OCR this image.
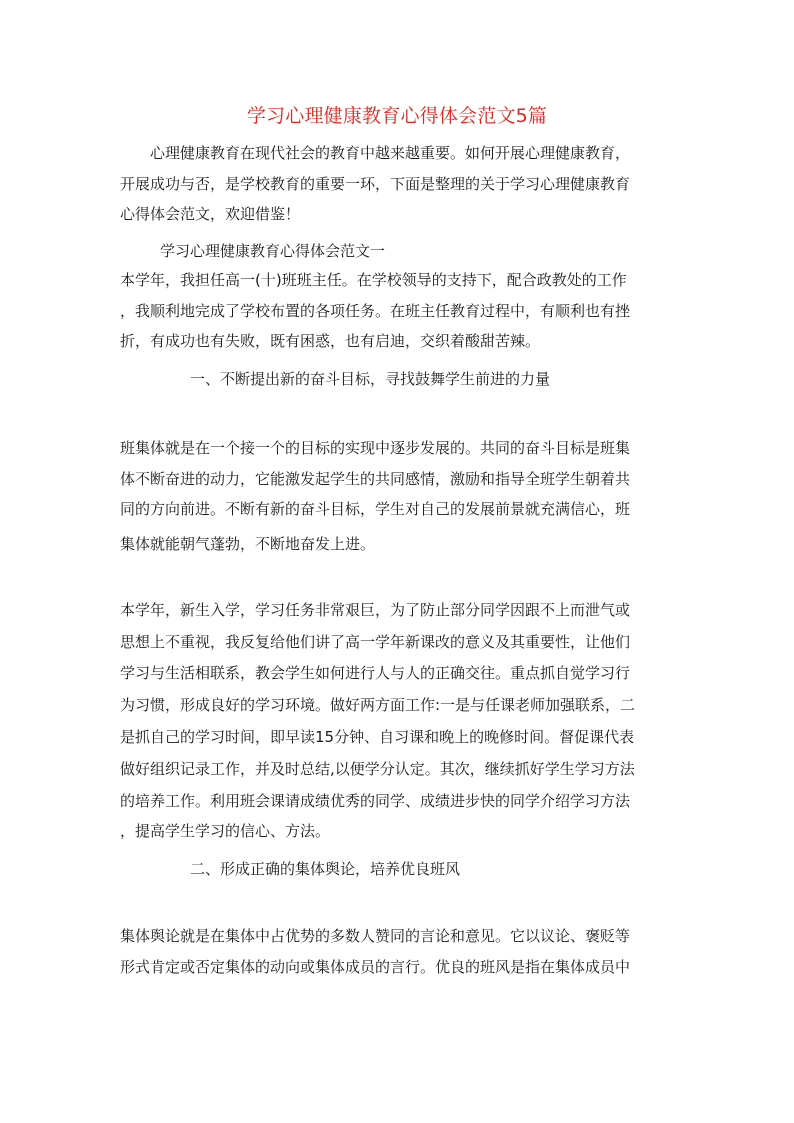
学习心理健康教育心得体会范文5篇
心理健康教育在现代社会的教育中越来越重要。如何开展心理健康教育，
开展成功与否，是学校教育的重要一环，下面是整理的关于学习心理健康教育
心得体会范文，欢迎借鉴！
学习心理健康教育心得体会范文一
本学年，我担任高一(十)班班主任。在学校领导的支持下，配合政教处的工作
，我顺利地完成了学校布置的各项任务。在班主任教育过程中，有顺利也有挫
折，有成功也有失败，既有困惑，也有启迪，交织着酸甜苦辣。
一、不断提出新的奋斗目标，寻找鼓舞学生前进的力量
班集体就是在一个接一个的目标的实现中逐步发展的。共同的奋斗目标是班集
体不断奋进的动力，它能激发起学生的共同感情，激励和指导全班学生朝着共
同的方向前进。不断有新的奋斗目标，学生对自己的发展前景就充满信心，班
集体就能朝气蓬勃，不断地奋发上进。
本学年，新生入学，学习任务非常艰巨，为了防止部分同学因跟不上而泄气或
思想上不重视，我反复给他们讲了高一学年新课改的意义及其重要性，让他们
学习与生活相联系，教会学生如何进行人与人的正确交往。重点抓自觉学习行
为习惯，形成良好的学习环境。做好两方面工作:一是与任课老师加强联系，二
是抓自己的学习时间，即早读15分钟、自习课和晚上的晚修时间。督促课代表
做好组织记录工作，并及时总结,以便学分认定。其次，继续抓好学生学习方法
的培养工作。利用班会课请成绩优秀的同学、成绩进步快的同学介绍学习方法
，提高学生学习的信心、方法。
二、形成正确的集体舆论，培养优良班风
集体舆论就是在集体中占优势的多数人赞同的言论和意见。它以议论、褒贬等
形式肯定或否定集体的动向或集体成员的言行。优良的班风是指在集体成员中
